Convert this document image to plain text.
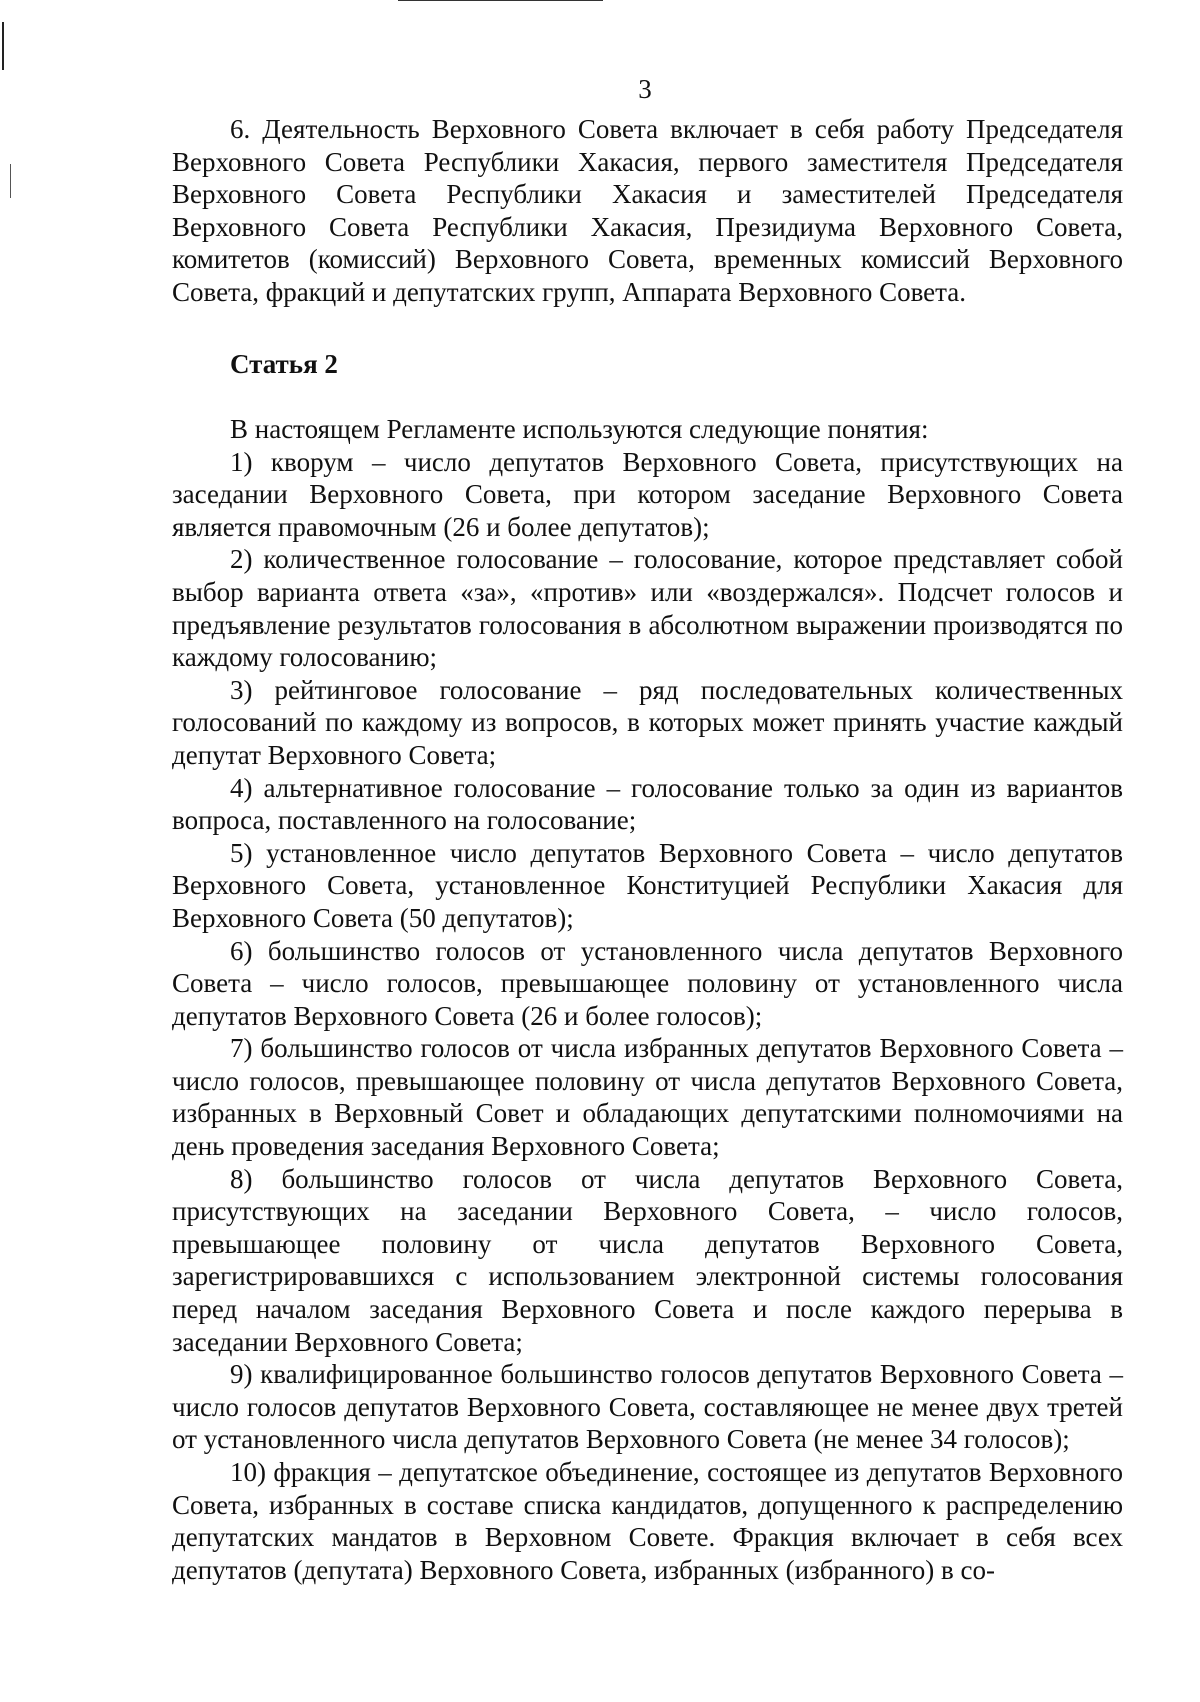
3

6. Деятельность Верховного Совета включает в себя работу Председателя Верховного Совета Республики Хакасия, первого заместителя Председателя Верховного Совета Республики Хакасия и заместителей Председателя Верховного Совета Республики Хакасия, Президиума Верховного Совета, комитетов (комиссий) Верховного Совета, временных комиссий Верховного Совета, фракций и депутатских групп, Аппарата Верховного Совета.

Статья 2

В настоящем Регламенте используются следующие понятия:

1) кворум – число депутатов Верховного Совета, присутствующих на заседании Верховного Совета, при котором заседание Верховного Совета является правомочным (26 и более депутатов);

2) количественное голосование – голосование, которое представляет собой выбор варианта ответа «за», «против» или «воздержался». Подсчет голосов и предъявление результатов голосования в абсолютном выражении производятся по каждому голосованию;

3) рейтинговое голосование – ряд последовательных количественных голосований по каждому из вопросов, в которых может принять участие каждый депутат Верховного Совета;

4) альтернативное голосование – голосование только за один из вариантов вопроса, поставленного на голосование;

5) установленное число депутатов Верховного Совета – число депутатов Верховного Совета, установленное Конституцией Республики Хакасия для Верховного Совета (50 депутатов);

6) большинство голосов от установленного числа депутатов Верховного Совета – число голосов, превышающее половину от установленного числа депутатов Верховного Совета (26 и более голосов);

7) большинство голосов от числа избранных депутатов Верховного Совета – число голосов, превышающее половину от числа депутатов Верховного Совета, избранных в Верховный Совет и обладающих депутатскими полномочиями на день проведения заседания Верховного Совета;

8) большинство голосов от числа депутатов Верховного Совета, присутствующих на заседании Верховного Совета, – число голосов, превышающее половину от числа депутатов Верховного Совета, зарегистрировавшихся с использованием электронной системы голосования перед началом заседания Верховного Совета и после каждого перерыва в заседании Верховного Совета;

9) квалифицированное большинство голосов депутатов Верховного Совета – число голосов депутатов Верховного Совета, составляющее не менее двух третей от установленного числа депутатов Верховного Совета (не менее 34 голосов);

10) фракция – депутатское объединение, состоящее из депутатов Верховного Совета, избранных в составе списка кандидатов, допущенного к распределению депутатских мандатов в Верховном Совете. Фракция включает в себя всех депутатов (депутата) Верховного Совета, избранных (избранного) в со-
